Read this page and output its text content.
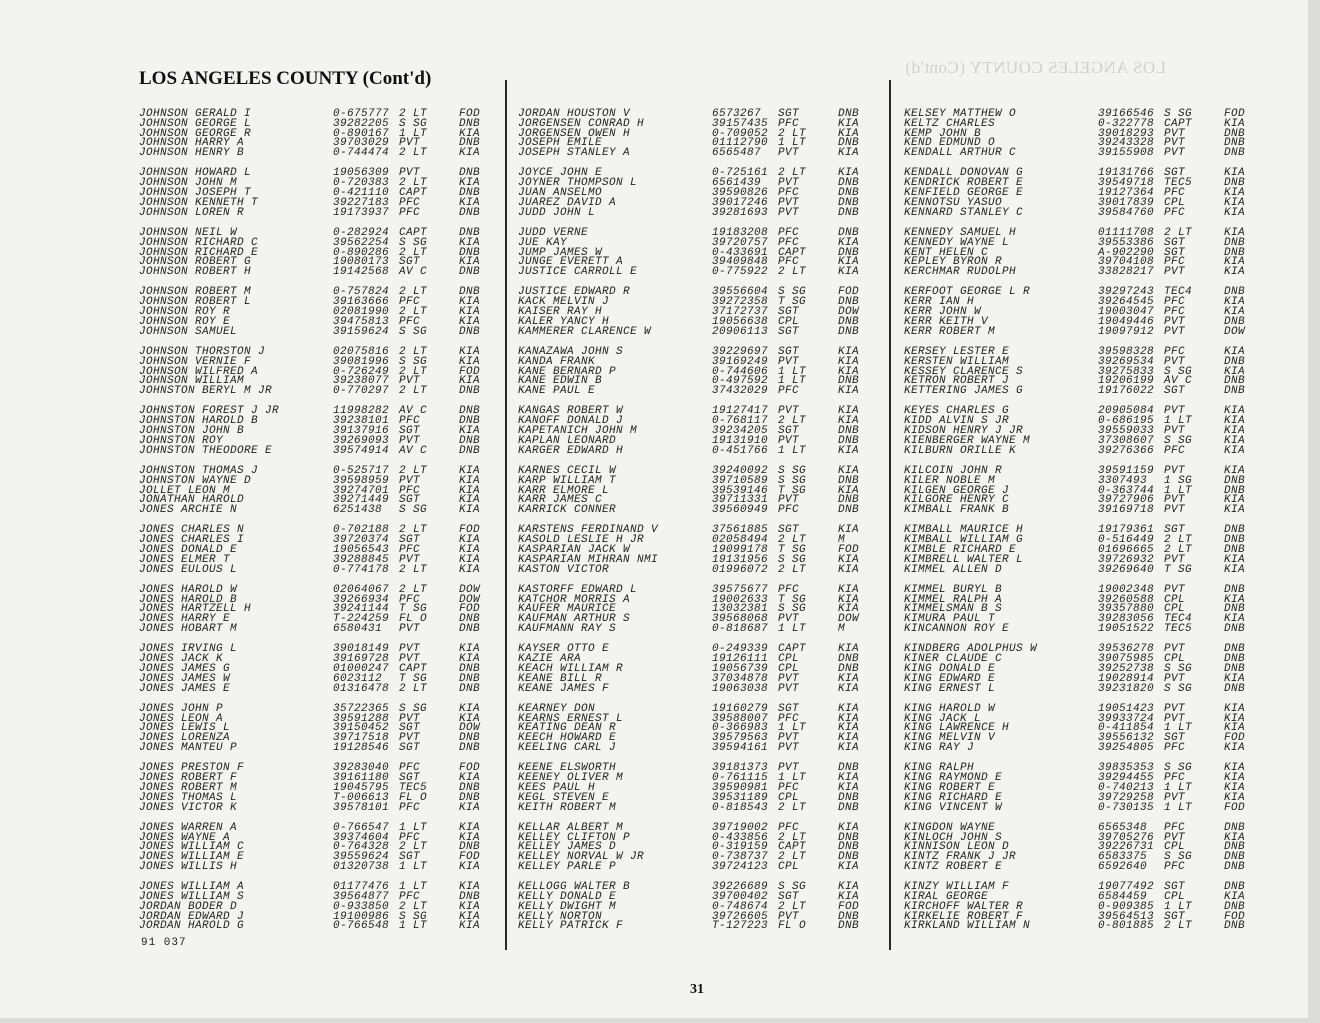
LOS ANGELES COUNTY (Cont'd)
LOS ANGELES COUNTY (Cont'd)
JOHNSON GERALD I	0-675777 2 LT	FOD
JOHNSON GEORGE L	39282205 S SG	DNB
JOHNSON GEORGE R	0-890167 1 LT	KIA
JOHNSON HARRY A	39703029 PVT	DNB
JOHNSON HENRY B	0-744474 2 LT	KIA
JOHNSON HOWARD L	19056309 PVT	DNB
JOHNSON JOHN M	0-720383 2 LT	KIA
JOHNSON JOSEPH T	0-421110 CAPT	DNB
JOHNSON KENNETH T	39227183 PFC	KIA
JOHNSON LOREN R	19173937 PFC	DNB
JOHNSON NEIL W	0-282924 CAPT	DNB
JOHNSON RICHARD C	39562254 S SG	KIA
JOHNSON RICHARD E	0-890286 2 LT	DNB
JOHNSON ROBERT G	19080173 SGT	KIA
JOHNSON ROBERT H	19142568 AV C	DNB
JOHNSON ROBERT M	0-757824 2 LT	DNB
JOHNSON ROBERT L	39163666 PFC	KIA
JOHNSON ROY R	02081990 2 LT	KIA
JOHNSON ROY E	39475813 PFC	KIA
JOHNSON SAMUEL	39159624 S SG	DNB
JOHNSON THORSTON J	02075816 2 LT	KIA
JOHNSON VERNIE F	39081996 S SG	KIA
JOHNSON WILFRED A	0-726249 2 LT	FOD
JOHNSON WILLIAM	39238077 PVT	KIA
JOHNSTON BERYL M JR	0-770297 2 LT	DNB
JOHNSTON FOREST J JR	11998282 AV C	DNB
JOHNSTON HAROLD B	39238101 PFC	DNB
JOHNSTON JOHN B	39137916 SGT	KIA
JOHNSTON ROY	39269093 PVT	DNB
JOHNSTON THEODORE E	39574914 AV C	DNB
JOHNSTON THOMAS J	0-525717 2 LT	KIA
JOHNSTON WAYNE D	39598959 PVT	KIA
JOLLET LEON M	39274701 PFC	KIA
JONATHAN HAROLD	39271449 SGT	KIA
JONES ARCHIE N	6251438 S SG	KIA
JONES CHARLES N	0-702188 2 LT	FOD
JONES CHARLES I	39720374 SGT	KIA
JONES DONALD E	19056543 PFC	KIA
JONES ELMER T	39288845 PVT	KIA
JONES EULOUS L	0-774178 2 LT	KIA
JONES HAROLD W	02064067 2 LT	DOW
JONES HAROLD B	39266934 PFC	DOW
JONES HARTZELL H	39241144 T SG	FOD
JONES HARRY E	T-224259 FL O	DNB
JONES HOBART M	6580431 PVT	DNB
JONES IRVING L	39018149 PVT	KIA
JONES JACK K	39169728 PVT	KIA
JONES JAMES G	01000247 CAPT	DNB
JONES JAMES W	6023112 T SG	DNB
JONES JAMES E	01316478 2 LT	DNB
JONES JOHN P	35722365 S SG	KIA
JONES LEON A	39591288 PVT	KIA
JONES LEWIS L	39150452 SGT	DOW
JONES LORENZA	39717518 PVT	DNB
JONES MANTEU P	19128546 SGT	DNB
JONES PRESTON F	39283040 PFC	FOD
JONES ROBERT F	39161180 SGT	KIA
JONES ROBERT M	19045795 TEC5	DNB
JONES THOMAS L	T-006613 FL O	DNB
JONES VICTOR K	39578101 PFC	KIA
JONES WARREN A	0-766547 1 LT	KIA
JONES WAYNE A	39374604 PFC	KIA
JONES WILLIAM C	0-764328 2 LT	DNB
JONES WILLIAM E	39559624 SGT	FOD
JONES WILLIS H	01320738 1 LT	KIA
JONES WILLIAM A	01177476 1 LT	KIA
JONES WILLIAM S	39564877 PFC	DNB
JORDAN BODER D	0-933850 2 LT	KIA
JORDAN EDWARD J	19100986 S SG	KIA
JORDAN HAROLD G	0-766548 1 LT	KIA
JORDAN HOUSTON V	6573267 SGT	DNB
JORGENSEN CONRAD H	39157435 PFC	KIA
JORGENSEN OWEN H	0-709052 2 LT	KIA
JOSEPH EMILE	01112790 1 LT	DNB
JOSEPH STANLEY A	6565487 PVT	KIA
JOYCE JOHN E	0-725161 2 LT	KIA
JOYNER THOMPSON L	6561439 PVT	DNB
JUAN ANSELMO	39590826 PFC	DNB
JUAREZ DAVID A	39017246 PVT	DNB
JUDD JOHN L	39281693 PVT	DNB
JUDD VERNE	19183208 PFC	DNB
JUE KAY	39720757 PFC	KIA
JUMP JAMES W	0-433691 CAPT	DNB
JUNGE EVERETT A	39409848 PFC	KIA
JUSTICE CARROLL E	0-775922 2 LT	KIA
JUSTICE EDWARD R	39556604 S SG	FOD
KACK MELVIN J	39272358 T SG	DNB
KAISER RAY H	37172737 SGT	DOW
KALER YANCY H	19056638 CPL	DNB
KAMMERER CLARENCE W	20906113 SGT	DNB
KANAZAWA JOHN S	39229697 SGT	KIA
KANDA FRANK	39169249 PVT	KIA
KANE BERNARD P	0-744606 1 LT	KIA
KANE EDWIN B	0-497592 1 LT	DNB
KANE PAUL E	37432029 PFC	KIA
KANGAS ROBERT W	19127417 PVT	KIA
KANOFF DONALD J	0-768117 2 LT	KIA
KAPETANICH JOHN M	39234205 SGT	DNB
KAPLAN LEONARD	19131910 PVT	DNB
KARGER EDWARD H	0-451766 1 LT	KIA
KARNES CECIL W	39240092 S SG	KIA
KARP WILLIAM T	39710589 S SG	DNB
KARR ELMORE L	39539146 T SG	KIA
KARR JAMES C	39711331 PVT	DNB
KARRICK CONNER	39560949 PFC	DNB
KARSTENS FERDINAND V	37561885 SGT	KIA
KASOLD LESLIE H JR	02058494 2 LT	M
KASPARIAN JACK W	19099178 T SG	FOD
KASPARIAN MIHRAN NMI	19131956 S SG	KIA
KASTON VICTOR	01996072 2 LT	KIA
KASTORFF EDWARD L	39575677 PFC	KIA
KATCHOR MORRIS A	19002633 T SG	KIA
KAUFER MAURICE	13032381 S SG	KIA
KAUFMAN ARTHUR S	39568068 PVT	DOW
KAUFMANN RAY S	0-818687 1 LT	M
KAYSER OTTO E	0-249339 CAPT	KIA
KAZIE ARA	19126111 CPL	DNB
KEACH WILLIAM R	19056739 CPL	DNB
KEANE BILL R	37034878 PVT	KIA
KEANE JAMES F	19063038 PVT	KIA
KEARNEY DON	19160279 SGT	KIA
KEARNS ERNEST L	39588007 PFC	KIA
KEATING DEAN R	0-366983 1 LT	KIA
KEECH HOWARD E	39579563 PVT	KIA
KEELING CARL J	39594161 PVT	KIA
KEENE ELSWORTH	39181373 PVT	DNB
KEENEY OLIVER M	0-761115 1 LT	KIA
KEES PAUL H	39590981 PFC	KIA
KEGL STEVEN E	39531189 CPL	DNB
KEITH ROBERT M	0-818543 2 LT	DNB
KELLAR ALBERT M	39719002 PFC	KIA
KELLEY CLIFTON P	0-433856 2 LT	DNB
KELLEY JAMES D	0-319159 CAPT	DNB
KELLEY NORVAL W JR	0-738737 2 LT	DNB
KELLEY PARLE P	39724123 CPL	KIA
KELLOGG WALTER B	39226689 S SG	KIA
KELLY DONALD E	39700402 SGT	KIA
KELLY DWIGHT M	0-748674 2 LT	FOD
KELLY NORTON	39726605 PVT	DNB
KELLY PATRICK F	T-127223 FL O	DNB
KELSEY MATTHEW O	39166546 S SG	FOD
KELTZ CHARLES	0-322778 CAPT	KIA
KEMP JOHN B	39018293 PVT	DNB
KEND EDMUND O	39243328 PVT	DNB
KENDALL ARTHUR C	39155908 PVT	DNB
KENDALL DONOVAN G	19131766 SGT	KIA
KENDRICK ROBERT E	39549718 TEC5	DNB
KENFIELD GEORGE E	19127364 PFC	KIA
KENNOTSU YASUO	39017839 CPL	KIA
KENNARD STANLEY C	39584760 PFC	KIA
KENNEDY SAMUEL H	01111708 2 LT	KIA
KENNEDY WAYNE L	39553386 SGT	DNB
KENT HELEN C	A-902290 SGT	DNB
KEPLEY BYRON R	39704108 PFC	KIA
KERCHMAR RUDOLPH	33828217 PVT	KIA
KERFOOT GEORGE L R	39297243 TEC4	DNB
KERR IAN H	39264545 PFC	KIA
KERR JOHN W	19003047 PFC	KIA
KERR KEITH V	19049446 PVT	DNB
KERR ROBERT M	19097912 PVT	DOW
KERSEY LESTER E	39598328 PFC	KIA
KERSTEN WILLIAM	39269534 PVT	DNB
KESSEY CLARENCE S	39275833 S SG	KIA
KETRON ROBERT J	19206199 AV C	DNB
KETTERING JAMES G	19176022 SGT	DNB
KEYES CHARLES G	20905084 PVT	KIA
KIDD ALVIN S JR	0-686195 1 LT	KIA
KIDSON HENRY J JR	39559033 PVT	KIA
KIENBERGER WAYNE M	37308607 S SG	KIA
KILBURN ORILLE K	39276366 PFC	KIA
KILCOIN JOHN R	39591159 PVT	KIA
KILER NOBLE M	3307493 1 SG	DNB
KILGEN GEORGE J	0-363744 1 LT	DNB
KILGORE HENRY C	39727906 PVT	KIA
KIMBALL FRANK B	39169718 PVT	KIA
KIMBALL MAURICE H	19179361 SGT	DNB
KIMBALL WILLIAM G	0-516449 2 LT	DNB
KIMBLE RICHARD E	01696665 2 LT	DNB
KIMBRELL WALTER L	39726932 PVT	KIA
KIMMEL ALLEN D	39269640 T SG	KIA
KIMMEL BURYL B	19002348 PVT	DNB
KIMMEL RALPH A	39260588 CPL	KIA
KIMMELSMAN B S	39357880 CPL	DNB
KIMURA PAUL T	39283056 TEC4	KIA
KINCANNON ROY E	19051522 TEC5	DNB
KINDBERG ADOLPHUS W	39536278 PVT	DNB
KINER CLAUDE C	39075985 CPL	DNB
KING DONALD E	39252738 S SG	DNB
KING EDWARD E	19028914 PVT	KIA
KING ERNEST L	39231820 S SG	DNB
KING HAROLD W	19051423 PVT	KIA
KING JACK L	39933724 PVT	KIA
KING LAWRENCE H	0-411854 1 LT	KIA
KING MELVIN V	39556132 SGT	FOD
KING RAY J	39254805 PFC	KIA
KING RALPH	39835353 S SG	KIA
KING RAYMOND E	39294455 PFC	KIA
KING ROBERT E	0-740213 1 LT	KIA
KING RICHARD E	39729258 PVT	KIA
KING VINCENT W	0-730135 1 LT	FOD
KINGDON WAYNE	6565348 PFC	DNB
KINLOCH JOHN S	39705276 PVT	KIA
KINNISON LEON D	39226731 CPL	DNB
KINTZ FRANK J JR	6583375 S SG	DNB
KINTZ ROBERT E	6592640 PFC	DNB
KINZY WILLIAM F	19077492 SGT	DNB
KIRAL GEORGE	6584459 CPL	KIA
KIRCHOFF WALTER R	0-909385 1 LT	DNB
KIRKELIE ROBERT F	39564513 SGT	FOD
KIRKLAND WILLIAM N	0-801885 2 LT	DNB
91 037
31
